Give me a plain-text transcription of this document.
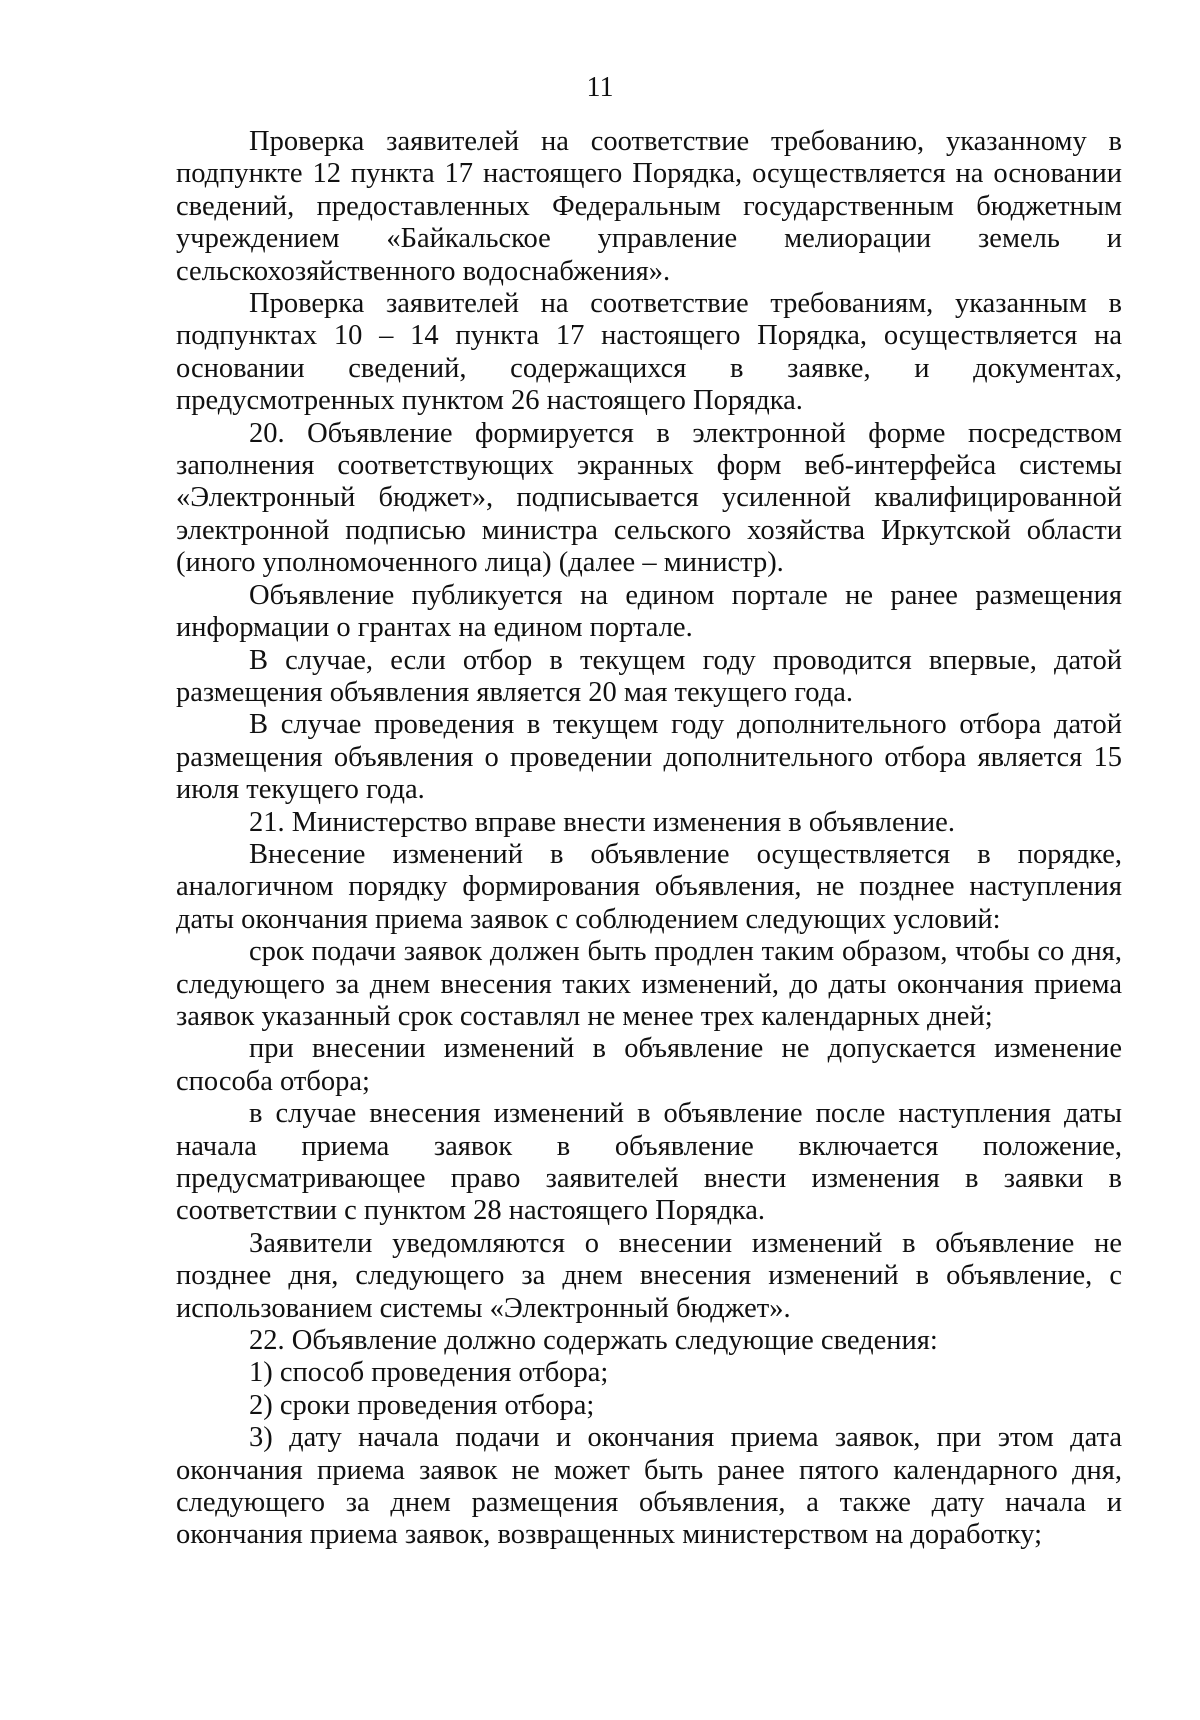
11

Проверка заявителей на соответствие требованию, указанному в подпункте 12 пункта 17 настоящего Порядка, осуществляется на основании сведений, предоставленных Федеральным государственным бюджетным учреждением «Байкальское управление мелиорации земель и сельскохозяйственного водоснабжения».

Проверка заявителей на соответствие требованиям, указанным в подпунктах 10 – 14 пункта 17 настоящего Порядка, осуществляется на основании сведений, содержащихся в заявке, и документах, предусмотренных пунктом 26 настоящего Порядка.

20. Объявление формируется в электронной форме посредством заполнения соответствующих экранных форм веб-интерфейса системы «Электронный бюджет», подписывается усиленной квалифицированной электронной подписью министра сельского хозяйства Иркутской области (иного уполномоченного лица) (далее – министр).

Объявление публикуется на едином портале не ранее размещения информации о грантах на едином портале.

В случае, если отбор в текущем году проводится впервые, датой размещения объявления является 20 мая текущего года.

В случае проведения в текущем году дополнительного отбора датой размещения объявления о проведении дополнительного отбора является 15 июля текущего года.

21. Министерство вправе внести изменения в объявление.

Внесение изменений в объявление осуществляется в порядке, аналогичном порядку формирования объявления, не позднее наступления даты окончания приема заявок с соблюдением следующих условий:

срок подачи заявок должен быть продлен таким образом, чтобы со дня, следующего за днем внесения таких изменений, до даты окончания приема заявок указанный срок составлял не менее трех календарных дней;

при внесении изменений в объявление не допускается изменение способа отбора;

в случае внесения изменений в объявление после наступления даты начала приема заявок в объявление включается положение, предусматривающее право заявителей внести изменения в заявки в соответствии с пунктом 28 настоящего Порядка.

Заявители уведомляются о внесении изменений в объявление не позднее дня, следующего за днем внесения изменений в объявление, с использованием системы «Электронный бюджет».

22. Объявление должно содержать следующие сведения:

1) способ проведения отбора;

2) сроки проведения отбора;

3) дату начала подачи и окончания приема заявок, при этом дата окончания приема заявок не может быть ранее пятого календарного дня, следующего за днем размещения объявления, а также дату начала и окончания приема заявок, возвращенных министерством на доработку;
